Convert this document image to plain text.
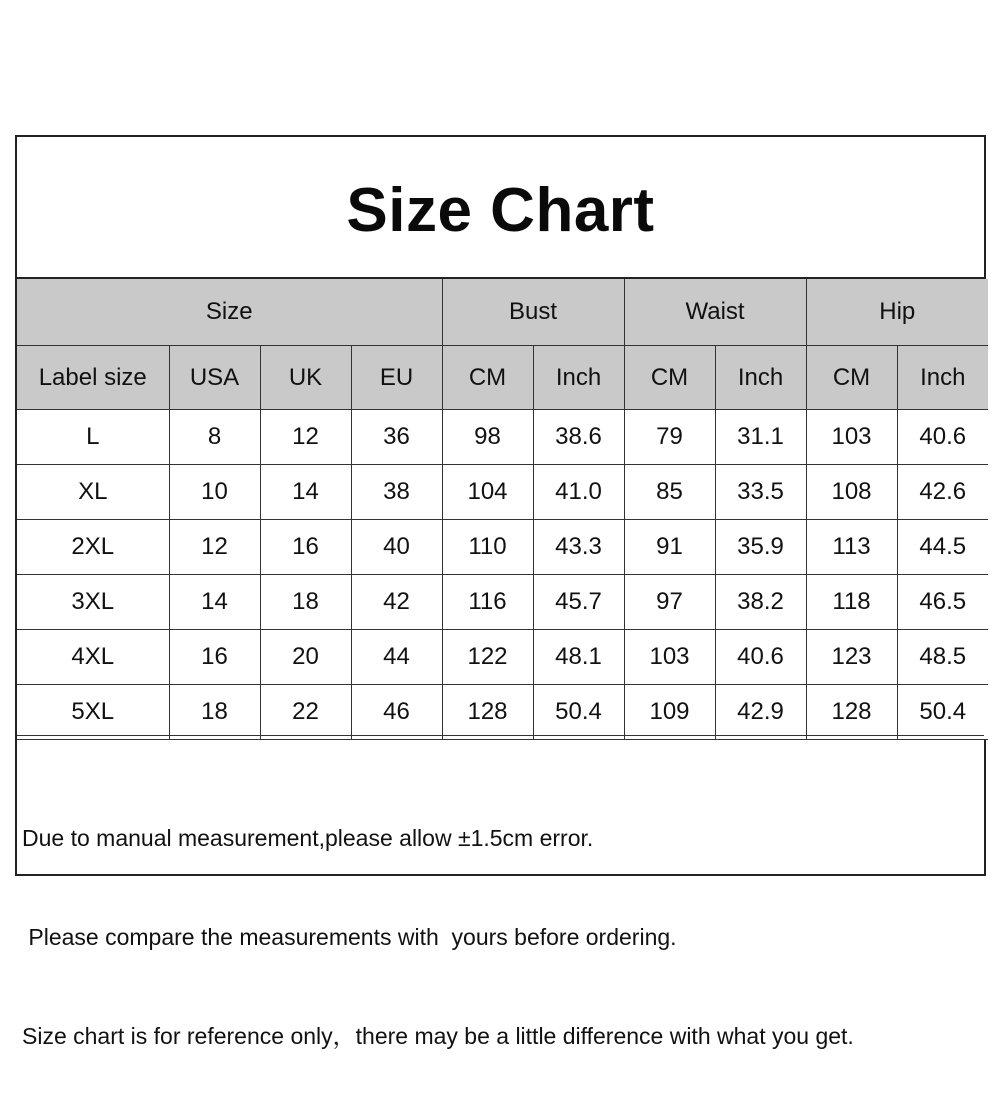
Size Chart
Size				Bust		Waist		Hip	
Label size	USA	UK	EU	CM	Inch	CM	Inch	CM	Inch
L	8	12	36	98	38.6	79	31.1	103	40.6
XL	10	14	38	104	41.0	85	33.5	108	42.6
2XL	12	16	40	110	43.3	91	35.9	113	44.5
3XL	14	18	42	116	45.7	97	38.2	118	46.5
4XL	16	20	44	122	48.1	103	40.6	123	48.5
5XL	18	22	46	128	50.4	109	42.9	128	50.4

Due to manual measurement,please allow ±1.5cm error.

Please compare the measurements with  yours before ordering.

Size chart is for reference only，there may be a little difference with what you get.
